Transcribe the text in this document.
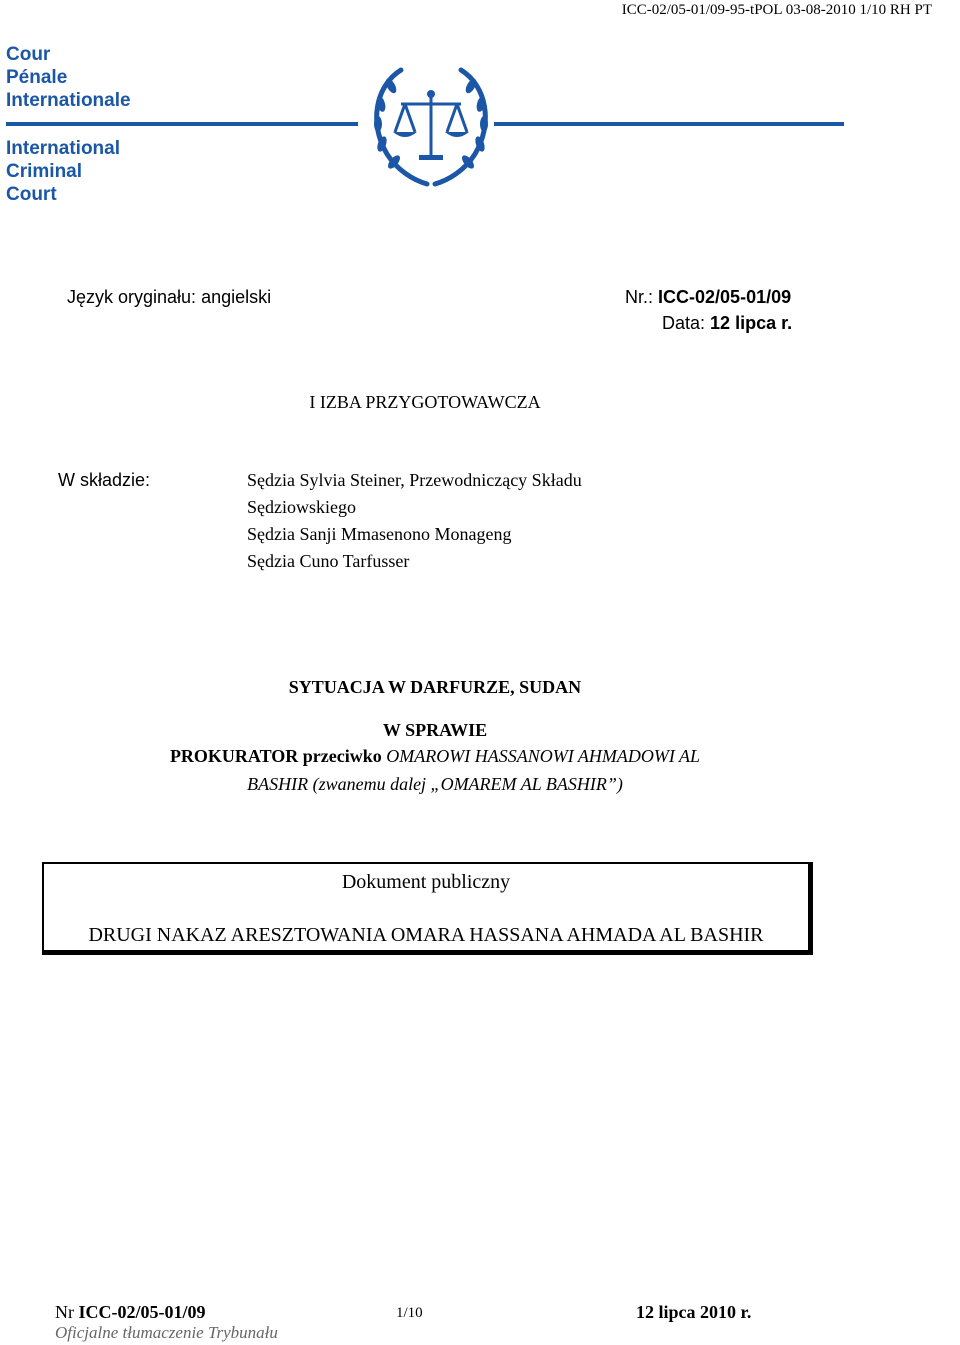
ICC-02/05-01/09-95-tPOL 03-08-2010 1/10 RH PT
Cour
Pénale
Internationale
International
Criminal
Court
Język oryginału: angielski	Nr.: ICC-02/05-01/09
Data: 12 lipca r.
I IZBA PRZYGOTOWAWCZA
W składzie:	Sędzia Sylvia Steiner, Przewodniczący Składu
Sędziowskiego
Sędzia Sanji Mmasenono Monageng
Sędzia Cuno Tarfusser
SYTUACJA W DARFURZE, SUDAN
W SPRAWIE
PROKURATOR przeciwko OMAROWI HASSANOWI AHMADOWI AL
BASHIR (zwanemu dalej „OMAREM AL BASHIR”)
Dokument publiczny
DRUGI NAKAZ ARESZTOWANIA OMARA HASSANA AHMADA AL BASHIR
Nr ICC-02/05-01/09	1/10	12 lipca 2010 r.
Oficjalne tłumaczenie Trybunału
